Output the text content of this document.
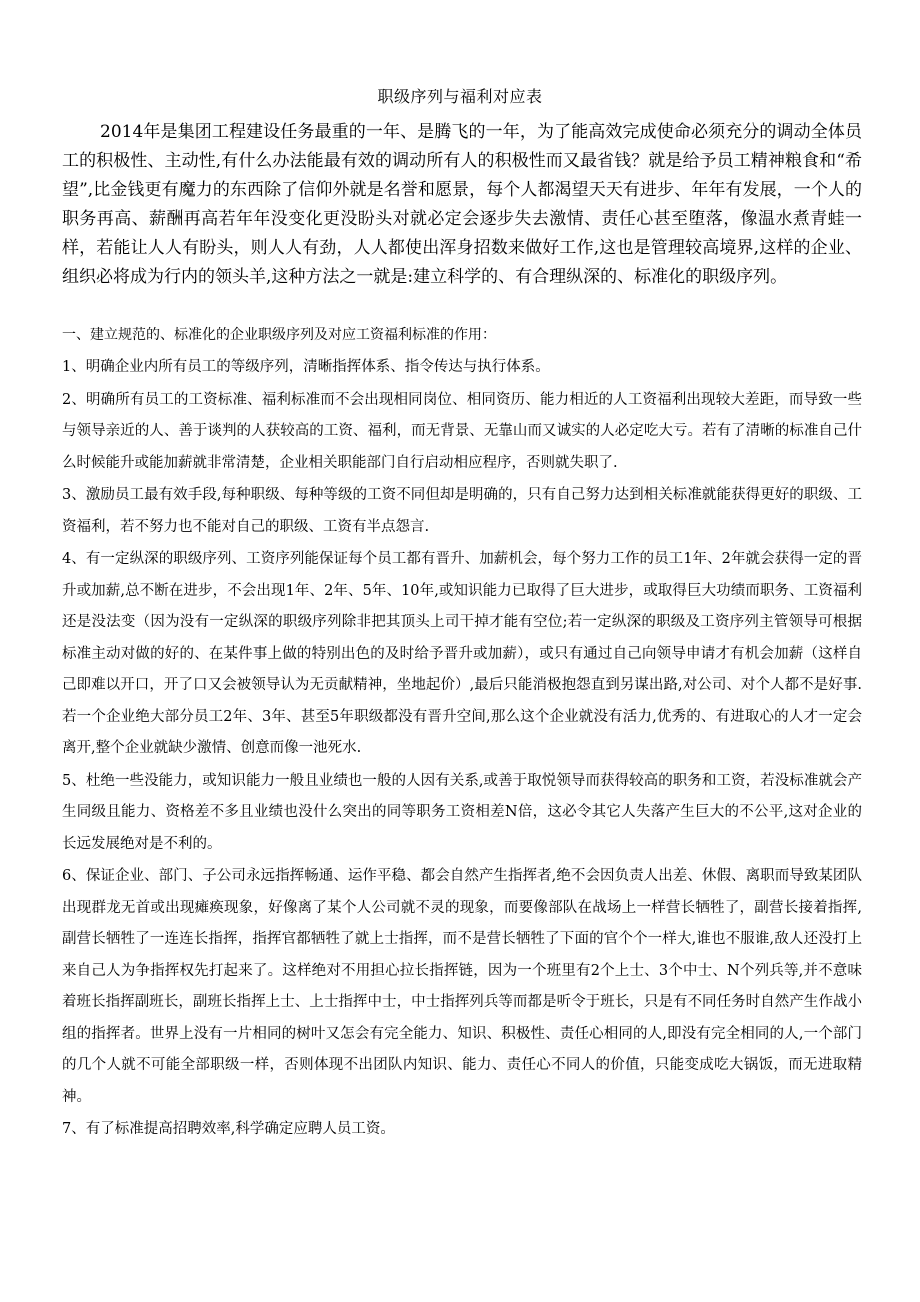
职级序列与福利对应表

2014年是集团工程建设任务最重的一年、是腾飞的一年，为了能高效完成使命必须充分的调动全体员工的积极性、主动性,有什么办法能最有效的调动所有人的积极性而又最省钱？就是给予员工精神粮食和“希望”,比金钱更有魔力的东西除了信仰外就是名誉和愿景，每个人都渴望天天有进步、年年有发展，一个人的职务再高、薪酬再高若年年没变化更没盼头对就必定会逐步失去激情、责任心甚至堕落，像温水煮青蛙一样，若能让人人有盼头，则人人有劲，人人都使出浑身招数来做好工作,这也是管理较高境界,这样的企业、组织必将成为行内的领头羊,这种方法之一就是:建立科学的、有合理纵深的、标准化的职级序列。

一、建立规范的、标准化的企业职级序列及对应工资福利标准的作用：

1、明确企业内所有员工的等级序列，清晰指挥体系、指令传达与执行体系。
2、明确所有员工的工资标准、福利标准而不会出现相同岗位、相同资历、能力相近的人工资福利出现较大差距，而导致一些与领导亲近的人、善于谈判的人获较高的工资、福利，而无背景、无靠山而又诚实的人必定吃大亏。若有了清晰的标准自己什么时候能升或能加薪就非常清楚，企业相关职能部门自行启动相应程序，否则就失职了.
3、激励员工最有效手段,每种职级、每种等级的工资不同但却是明确的，只有自己努力达到相关标准就能获得更好的职级、工资福利，若不努力也不能对自己的职级、工资有半点怨言.
4、有一定纵深的职级序列、工资序列能保证每个员工都有晋升、加薪机会，每个努力工作的员工1年、2年就会获得一定的晋升或加薪,总不断在进步，不会出现1年、2年、5年、10年,或知识能力已取得了巨大进步，或取得巨大功绩而职务、工资福利还是没法变（因为没有一定纵深的职级序列除非把其顶头上司干掉才能有空位;若一定纵深的职级及工资序列主管领导可根据标准主动对做的好的、在某件事上做的特别出色的及时给予晋升或加薪），或只有通过自己向领导申请才有机会加薪（这样自己即难以开口，开了口又会被领导认为无贡献精神，坐地起价）,最后只能消极抱怨直到另谋出路,对公司、对个人都不是好事.若一个企业绝大部分员工2年、3年、甚至5年职级都没有晋升空间,那么这个企业就没有活力,优秀的、有进取心的人才一定会离开,整个企业就缺少激情、创意而像一池死水.
5、杜绝一些没能力，或知识能力一般且业绩也一般的人因有关系,或善于取悦领导而获得较高的职务和工资，若没标准就会产生同级且能力、资格差不多且业绩也没什么突出的同等职务工资相差N倍，这必令其它人失落产生巨大的不公平,这对企业的长远发展绝对是不利的。
6、保证企业、部门、子公司永远指挥畅通、运作平稳、都会自然产生指挥者,绝不会因负责人出差、休假、离职而导致某团队出现群龙无首或出现瘫痪现象，好像离了某个人公司就不灵的现象，而要像部队在战场上一样营长牺牲了，副营长接着指挥,副营长牺牲了一连连长指挥，指挥官都牺牲了就上士指挥，而不是营长牺牲了下面的官个个一样大,谁也不服谁,敌人还没打上来自己人为争指挥权先打起来了。这样绝对不用担心拉长指挥链，因为一个班里有2个上士、3个中士、N个列兵等,并不意味着班长指挥副班长，副班长指挥上士、上士指挥中士，中士指挥列兵等而都是听令于班长，只是有不同任务时自然产生作战小组的指挥者。世界上没有一片相同的树叶又怎会有完全能力、知识、积极性、责任心相同的人,即没有完全相同的人,一个部门的几个人就不可能全部职级一样，否则体现不出团队内知识、能力、责任心不同人的价值，只能变成吃大锅饭，而无进取精神。
7、有了标准提高招聘效率,科学确定应聘人员工资。
